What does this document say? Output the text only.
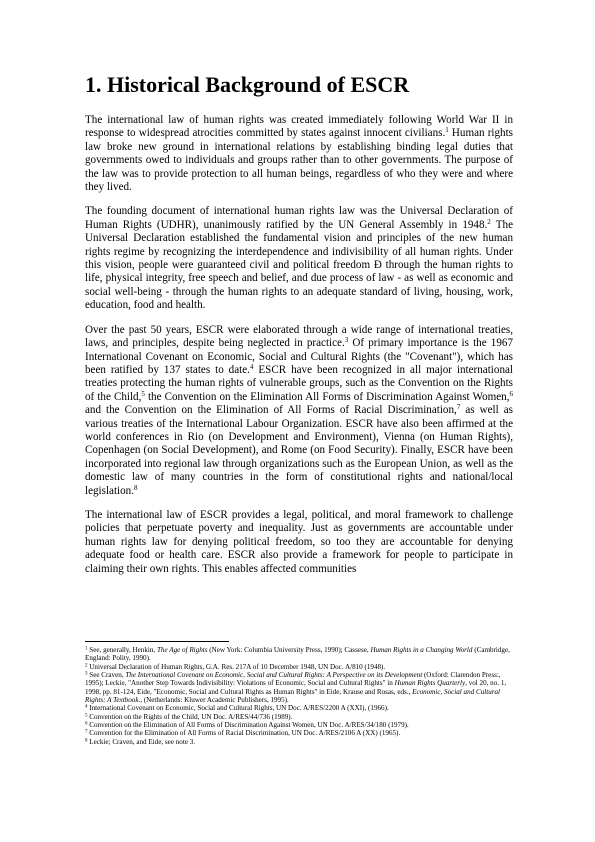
1. Historical Background of ESCR

The international law of human rights was created immediately following World War II in response to widespread atrocities committed by states against innocent civilians.$^1$ Human rights law broke new ground in international relations by establishing binding legal duties that governments owed to individuals and groups rather than to other governments. The purpose of the law was to provide protection to all human beings, regardless of who they were and where they lived.

The founding document of international human rights law was the Universal Declaration of Human Rights (UDHR), unanimously ratified by the UN General Assembly in 1948.$^2$ The Universal Declaration established the fundamental vision and principles of the new human rights regime by recognizing the interdependence and indivisibility of all human rights. Under this vision, people were guaranteed civil and political freedom Ð through the human rights to life, physical integrity, free speech and belief, and due process of law - as well as economic and social well-being - through the human rights to an adequate standard of living, housing, work, education, food and health.

Over the past 50 years, ESCR were elaborated through a wide range of international treaties, laws, and principles, despite being neglected in practice.$^3$ Of primary importance is the 1967 International Covenant on Economic, Social and Cultural Rights (the "Covenant"), which has been ratified by 137 states to date.$^4$ ESCR have been recognized in all major international treaties protecting the human rights of vulnerable groups, such as the Convention on the Rights of the Child,$^5$ the Convention on the Elimination All Forms of Discrimination Against Women,$^6$ and the Convention on the Elimination of All Forms of Racial Discrimination,$^7$ as well as various treaties of the International Labour Organization. ESCR have also been affirmed at the world conferences in Rio (on Development and Environment), Vienna (on Human Rights), Copenhagen (on Social Development), and Rome (on Food Security). Finally, ESCR have been incorporated into regional law through organizations such as the European Union, as well as the domestic law of many countries in the form of constitutional rights and national/local legislation.$^8$

The international law of ESCR provides a legal, political, and moral framework to challenge policies that perpetuate poverty and inequality. Just as governments are accountable under human rights law for denying political freedom, so too they are accountable for denying adequate food or health care. ESCR also provide a framework for people to participate in claiming their own rights. This enables affected communities

$^1$ See, generally, Henkin, The Age of Rights (New York: Columbia University Press, 1990); Cassese, Human Rights in a Changing World (Cambridge, England: Polity, 1990).

$^2$ Universal Declaration of Human Rights, G.A. Res. 217A of 10 December 1948, UN Doc. A/810 (1948).

$^3$ See Craven, The International Covenant on Economic, Social and Cultural Rights: A Perspective on its Development (Oxford: Clarendon Press:, 1995); Leckie, "Another Step Towards Indivisibility: Violations of Economic, Social and Cultural Rights" in Human Rights Quarterly, vol 20, no. 1, 1998, pp. 81-124, Eide, "Economic, Social and Cultural Rights as Human Rights" in Eide, Krause and Rosas, eds., Economic, Social and Cultural Rights: A Textbook., (Netherlands: Kluwer Academic Publishers, 1995).

$^4$ International Covenant on Economic, Social and Cultural Rights, UN Doc. A/RES/2200 A (XXI), (1966).

$^5$ Convention on the Rights of the Child, UN Doc. A/RES/44/736 (1989).

$^6$ Convention on the Elimination of All Forms of Discrimination Against Women, UN Doc. A/RES/34/180 (1979).

$^7$ Convention for the Elimination of All Forms of Racial Discrimination, UN Doc. A/RES/2106 A (XX) (1965).

$^8$ Leckie; Craven, and Eide, see note 3.
